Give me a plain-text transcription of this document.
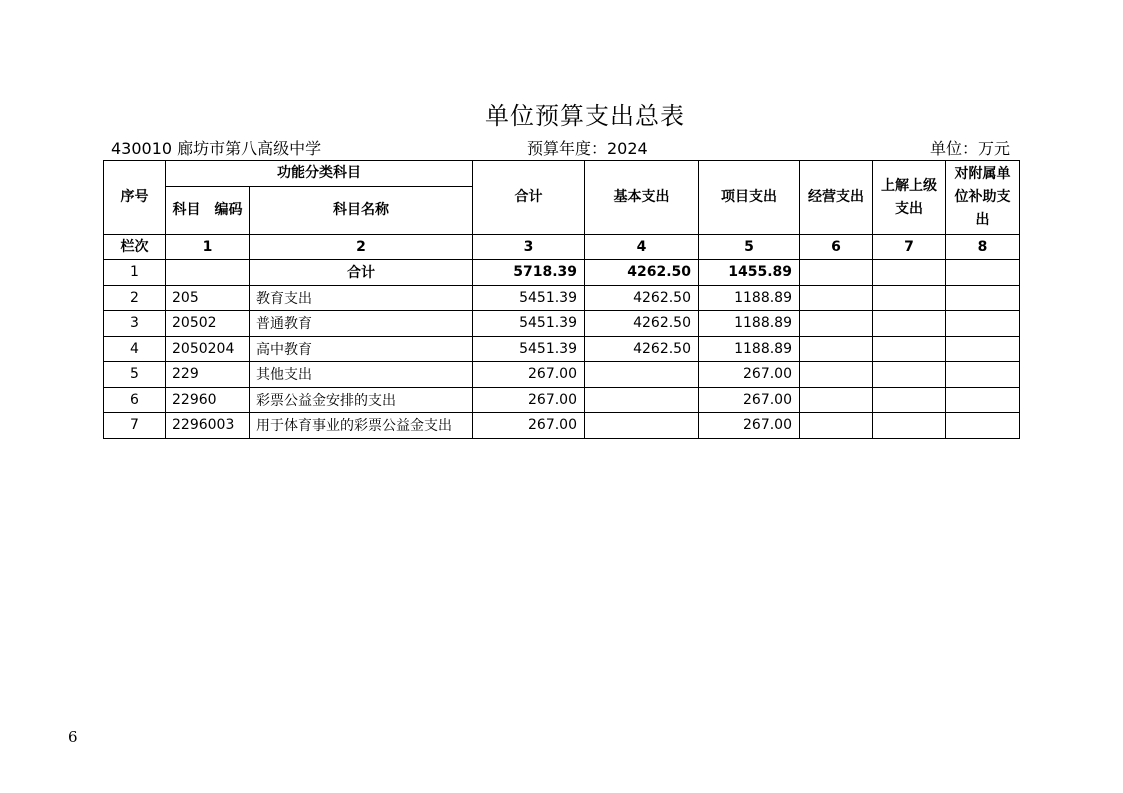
单位预算支出总表
430010 廊坊市第八高级中学	预算年度：2024	单位：万元
序号	功能分类科目		合计	基本支出	项目支出	经营支出	上解上级支出	对附属单位补助支出
	科目　编码	科目名称						
栏次	1	2	3	4	5	6	7	8
1		合计	5718.39	4262.50	1455.89			
2	205	教育支出	5451.39	4262.50	1188.89			
3	20502	普通教育	5451.39	4262.50	1188.89			
4	2050204	高中教育	5451.39	4262.50	1188.89			
5	229	其他支出	267.00		267.00			
6	22960	彩票公益金安排的支出	267.00		267.00			
7	2296003	用于体育事业的彩票公益金支出	267.00		267.00			
6
